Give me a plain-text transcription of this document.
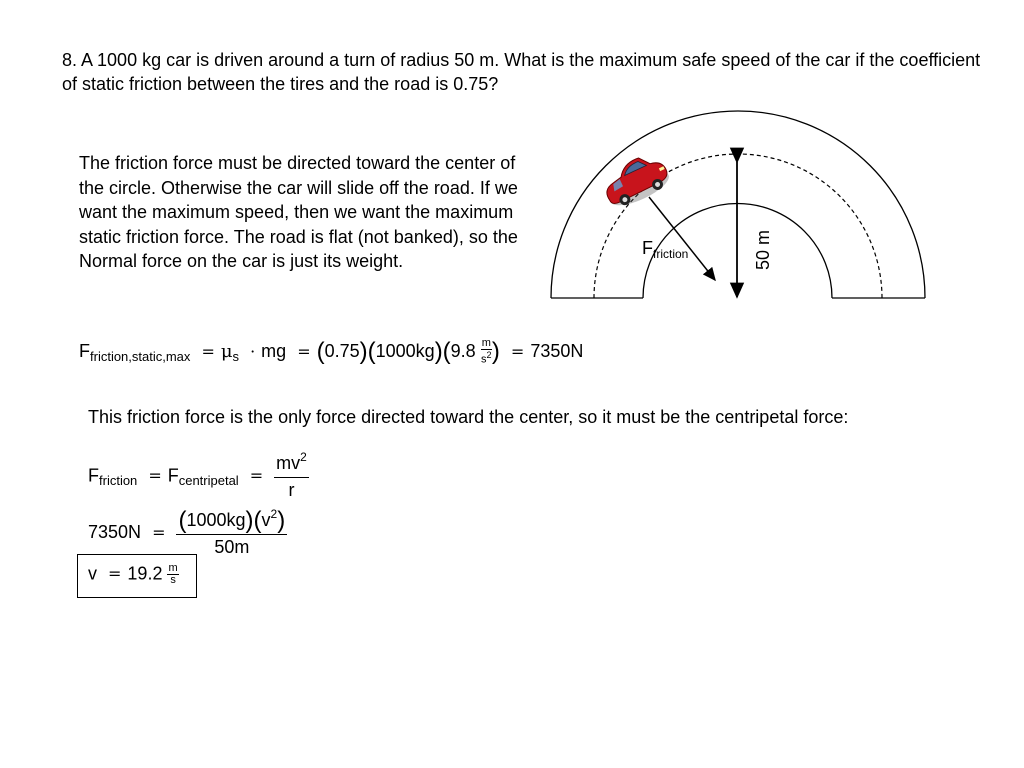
8. A 1000 kg car is driven around a turn of radius 50 m. What is the maximum safe speed of the car if the coefficient of static friction between the tires and the road is 0.75?
The friction force must be directed toward the center of the circle. Otherwise the car will slide off the road. If we want the maximum speed, then we want the maximum static friction force. The road is flat (not banked), so the Normal force on the car is just its weight.
$F_{friction}$	50 m
$F_{friction,static,max} = \mu_s$ · mg = $(0.75)(1000kg)(9.8 \frac{m}{s^2}$ ) = 7350N
This friction force is the only force directed toward the center, so it must be the centripetal force:
$F_{friction} = F_{centripetal} = \frac{mv^2}{r}$
$7350N = \frac{(1000kg)(v^2)}{50m}$
$v = 19.2 \frac{m}{s}$
